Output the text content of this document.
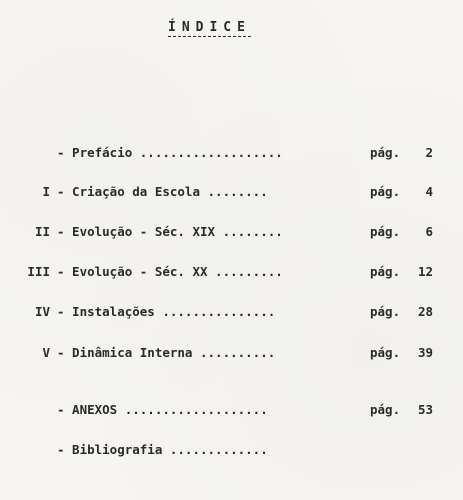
ÍNDICE
- Prefácio ...................	pág.	2
I - Criação da Escola ........	pág.	4
II - Evolução - Séc. XIX ........	pág.	6
III - Evolução - Séc. XX .........	pág.	12
IV - Instalações ...............	pág.	28
V - Dinâmica Interna ..........	pág.	39
- ANEXOS ...................	pág.	53
- Bibliografia .............
